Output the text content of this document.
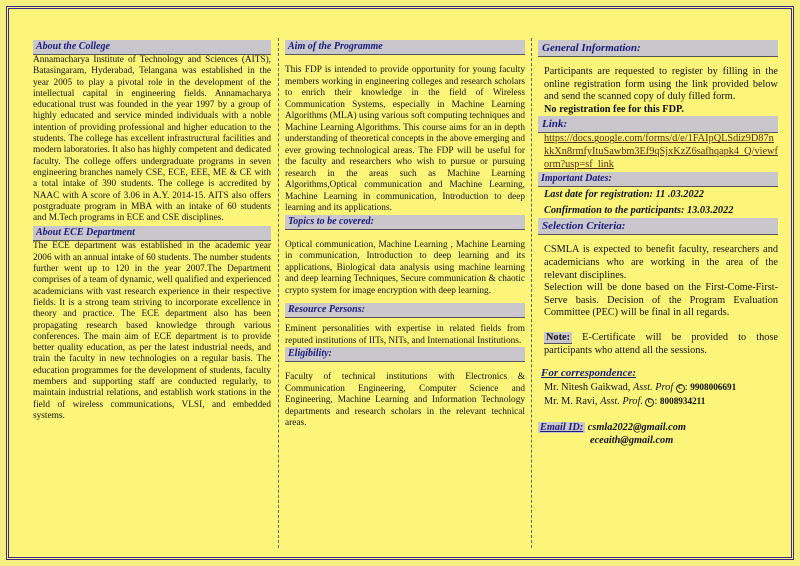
About the College

Annamacharya Institute of Technology and Sciences (AITS), Batasingaram, Hyderabad, Telangana was established in the year 2005 to play a pivotal role in the development of the intellectual capital in engineering fields. Annamacharya educational trust was founded in the year 1997 by a group of highly educated and service minded individuals with a noble intention of providing professional and higher education to the students. The college has excellent infrastructural facilities and modern laboratories. It also has highly competent and dedicated faculty. The college offers undergraduate programs in seven engineering branches namely CSE, ECE, EEE, ME & CE with a total intake of 390 students. The college is accredited by NAAC with A score of 3.06 in A.Y. 2014-15. AITS also offers postgraduate program in MBA with an intake of 60 students and M.Tech programs in ECE and CSE disciplines.

About ECE Department

The ECE department was established in the academic year 2006 with an annual intake of 60 students. The number students further went up to 120 in the year 2007.The Department comprises of a team of dynamic, well qualified and experienced academicians with vast research experience in their respective fields. It is a strong team striving to incorporate excellence in theory and practice. The ECE department also has been propagating research based knowledge through various conferences. The main aim of ECE department is to provide better quality education, as per the latest industrial needs, and train the faculty in new technologies on a regular basis. The education programmes for the development of students, faculty members and supporting staff are conducted regularly, to maintain industrial relations, and establish work stations in the field of wireless communications, VLSI, and embedded systems.

Aim of the Programme

This FDP is intended to provide opportunity for young faculty members working in engineering colleges and research scholars to enrich their knowledge in the field of Wireless Communication Systems, especially in Machine Learning Algorithms (MLA) using various soft computing techniques and Machine Learning Algorithms. This course aims for an in depth understanding of theoretical concepts in the above emerging and ever growing technological areas. The FDP will be useful for the faculty and researchers who wish to pursue or pursuing research in the areas such as Machine Learning Algorithms,Optical communication and Machine Learning, Machine Learning in communication, Introduction to deep learning and its applications.

Topics to be covered:

Optical communication, Machine Learning , Machine Learning in communication, Introduction to deep learning and its applications, Biological data analysis using machine learning and deep learning Techniques, Secure communication & chaotic crypto system for image encryption with deep learning.

Resource Persons:

Eminent personalities with expertise in related fields from reputed institutions of IITs, NITs, and International Institutions.

Eligibility:

Faculty of technical institutions with Electronics & Communication Engineering, Computer Science and Engineering, Machine Learning and Information Technology departments and research scholars in the relevant technical areas.

General Information:

Participants are requested to register by filling in the online registration form using the link provided below and send the scanned copy of duly filled form.

No registration fee for this FDP.

Link:

https://docs.google.com/forms/d/e/1FAIpQLSdiz9D87nkkXn8rmfyItuSawbm3Ef9qSjxKzZ6safhqapk4_Q/viewform?usp=sf_link

Important Dates:

Last date for registration: 11 .03.2022

Confirmation to the participants: 13.03.2022

Selection Criteria:

CSMLA is expected to benefit faculty, researchers and academicians who are working in the area of the relevant disciplines.

Selection will be done based on the First-Come-First-Serve basis. Decision of the Program Evaluation Committee (PEC) will be final in all regards.

Note: E-Certificate will be provided to those participants who attend all the sessions.

For correspondence:
Mr. Nitesh Gaikwad, Asst. Prof C : 9908006691
Mr. M. Ravi, Asst. Prof. C : 8008934211
Email ID: csmla2022@gmail.com
eceaith@gmail.com
